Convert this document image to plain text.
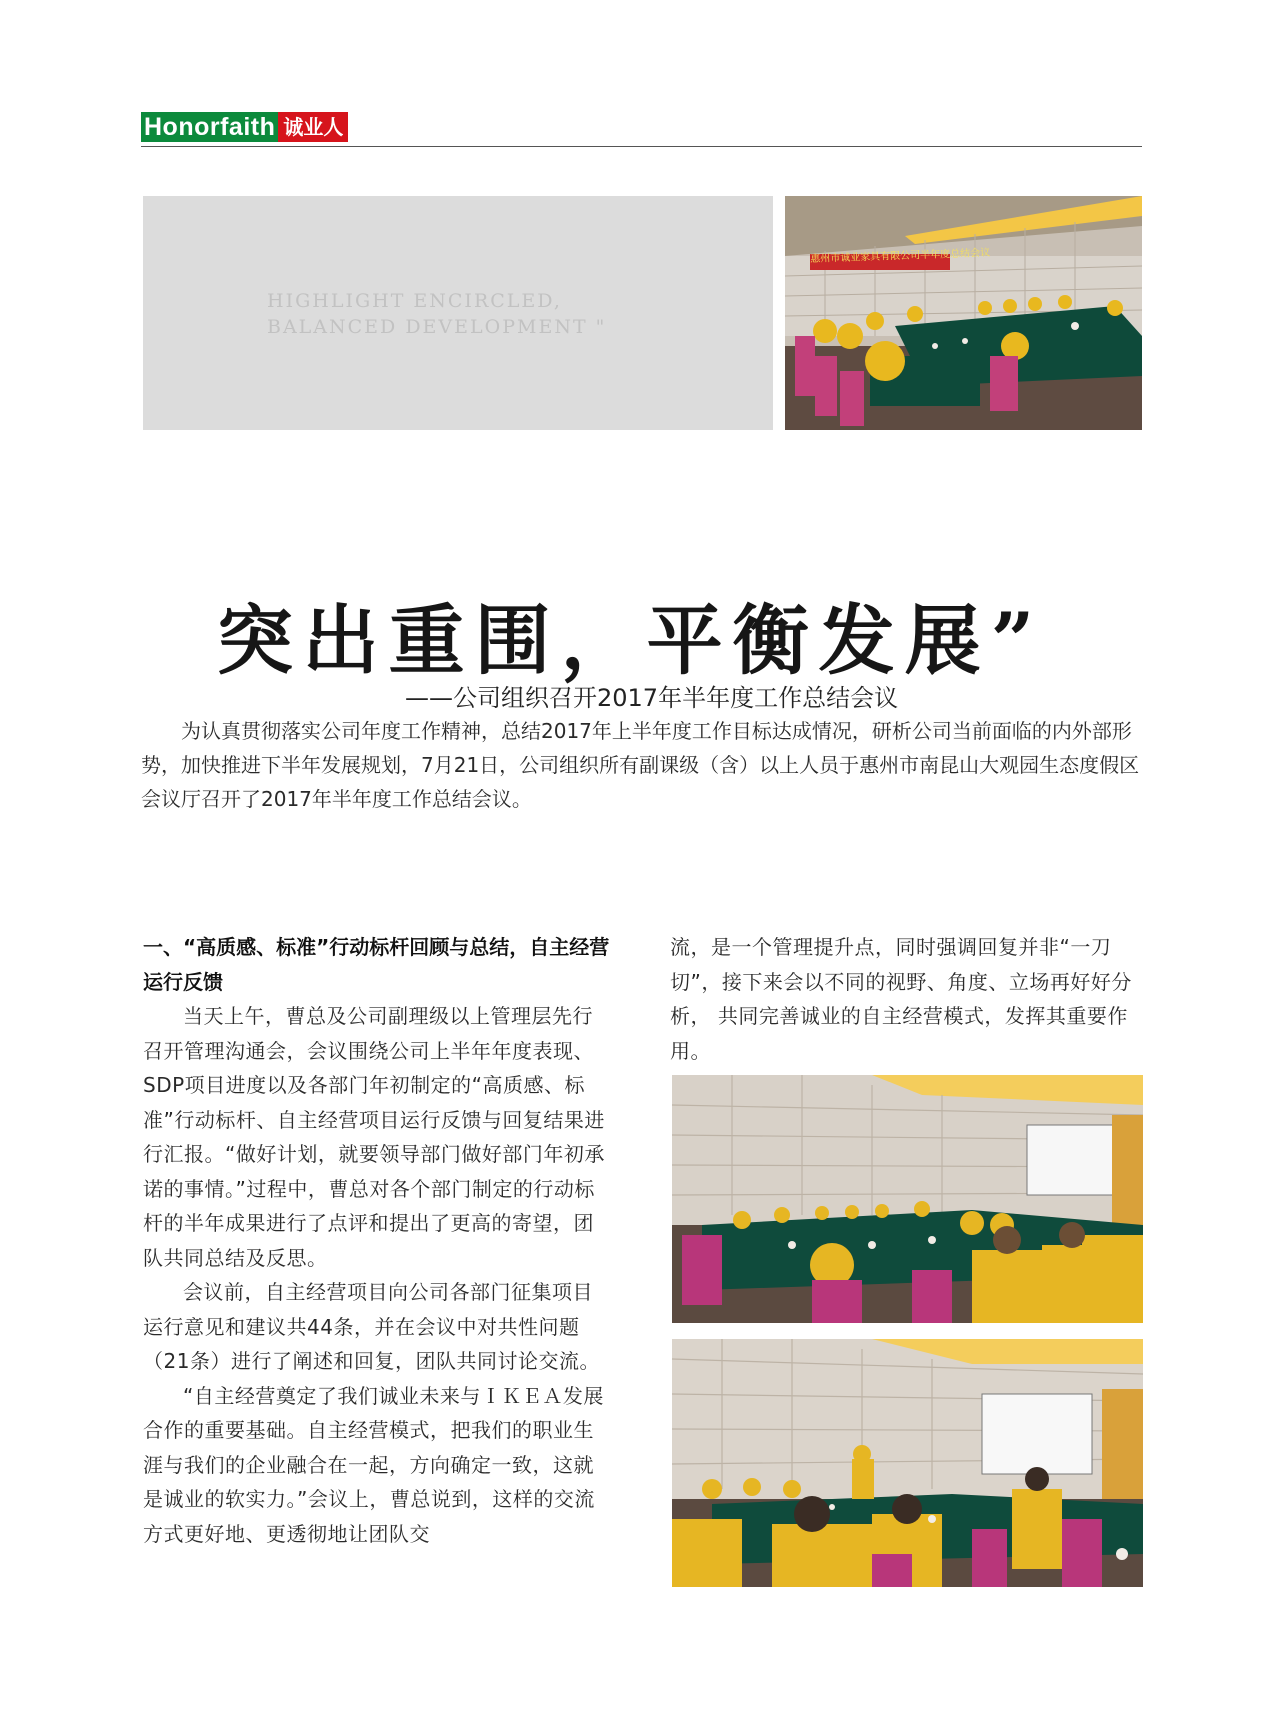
Honorfaith 诚业人
HIGHLIGHT ENCIRCLED,
BALANCED DEVELOPMENT "
惠州市诚业家具有限公司半年度总结会议
突出重围，平衡发展”
——公司组织召开2017年半年度工作总结会议

为认真贯彻落实公司年度工作精神，总结2017年上半年度工作目标达成情况，研析公司当前面临的内外部形势，加快推进下半年发展规划，7月21日，公司组织所有副课级（含）以上人员于惠州市南昆山大观园生态度假区会议厅召开了2017年半年度工作总结会议。

一、“高质感、标准”行动标杆回顾与总结，自主经营运行反馈

当天上午，曹总及公司副理级以上管理层先行召开管理沟通会，会议围绕公司上半年年度表现、SDP项目进度以及各部门年初制定的“高质感、标准”行动标杆、自主经营项目运行反馈与回复结果进行汇报。“做好计划，就要领导部门做好部门年初承诺的事情。”过程中，曹总对各个部门制定的行动标杆的半年成果进行了点评和提出了更高的寄望，团队共同总结及反思。

会议前，自主经营项目向公司各部门征集项目运行意见和建议共44条，并在会议中对共性问题（21条）进行了阐述和回复，团队共同讨论交流。

“自主经营奠定了我们诚业未来与ＩＫＥＡ发展合作的重要基础。自主经营模式，把我们的职业生涯与我们的企业融合在一起，方向确定一致，这就是诚业的软实力。”会议上，曹总说到，这样的交流方式更好地、更透彻地让团队交

流，是一个管理提升点，同时强调回复并非“一刀切”，接下来会以不同的视野、角度、立场再好好分析， 共同完善诚业的自主经营模式，发挥其重要作用。
